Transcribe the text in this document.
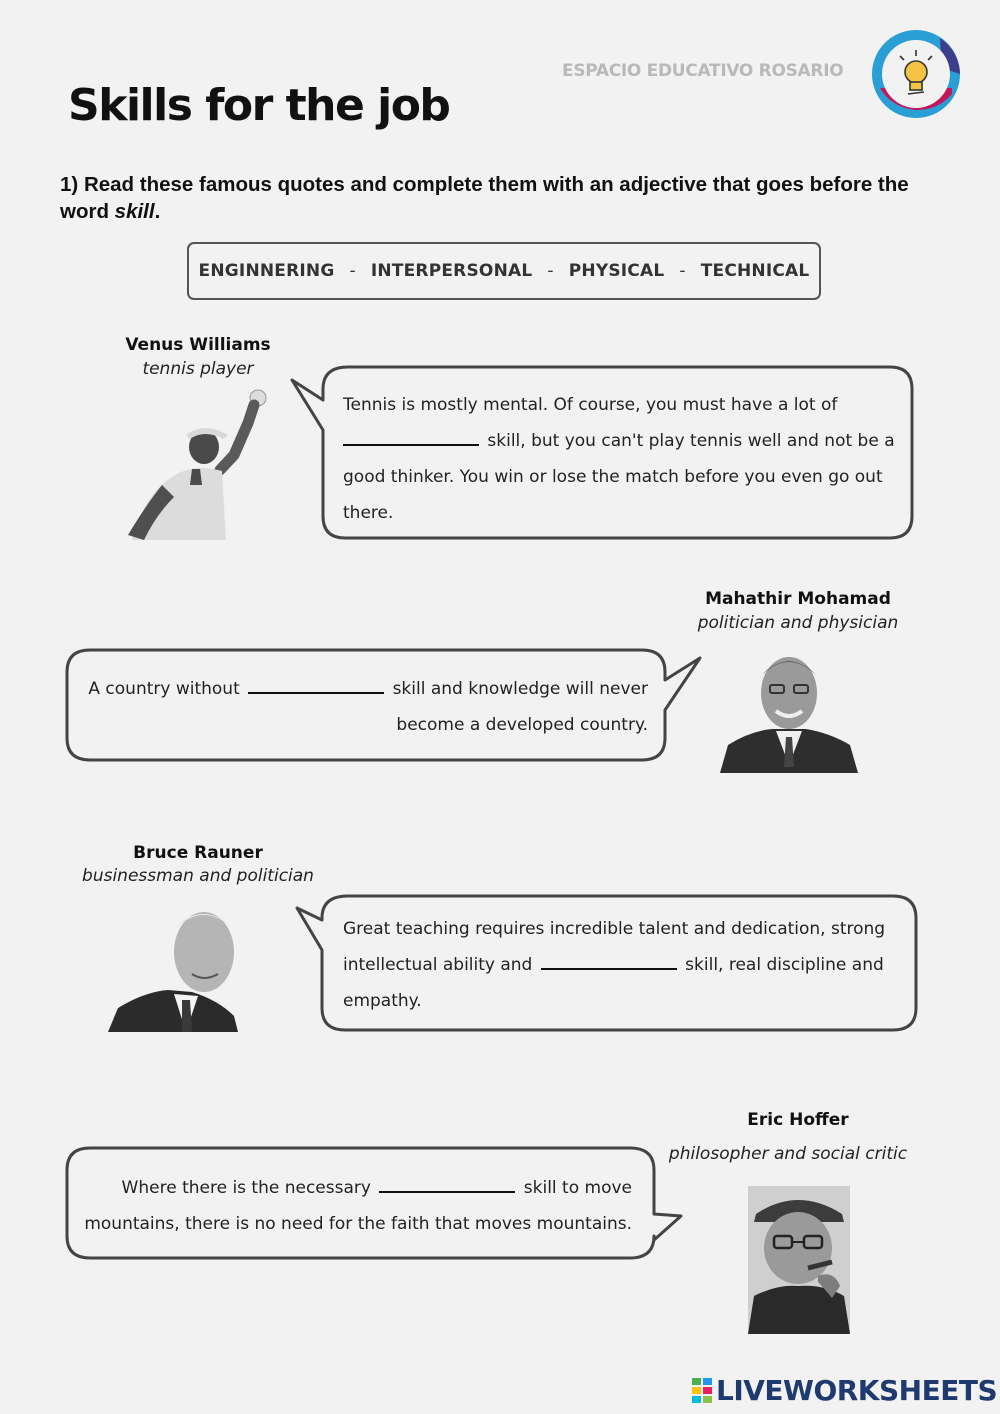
ESPACIO EDUCATIVO ROSARIO
Skills for the job
1) Read these famous quotes and complete them with an adjective that goes before the word skill.
ENGINNERING - INTERPERSONAL - PHYSICAL - TECHNICAL
Venus Williams
tennis player
Tennis is mostly mental. Of course, you must have a lot of
skill, but you can't play tennis well and not be a good thinker. You win or lose the match before you even go out there.
Mahathir Mohamad
politician and physician
A country without	skill and knowledge will never become a developed country.
Bruce Rauner
businessman and politician
Great teaching requires incredible talent and dedication, strong intellectual ability and	skill, real discipline and empathy.
Eric Hoffer
philosopher and social critic
Where there is the necessary	skill to move mountains, there is no need for the faith that moves mountains.
LIVEWORKSHEETS
